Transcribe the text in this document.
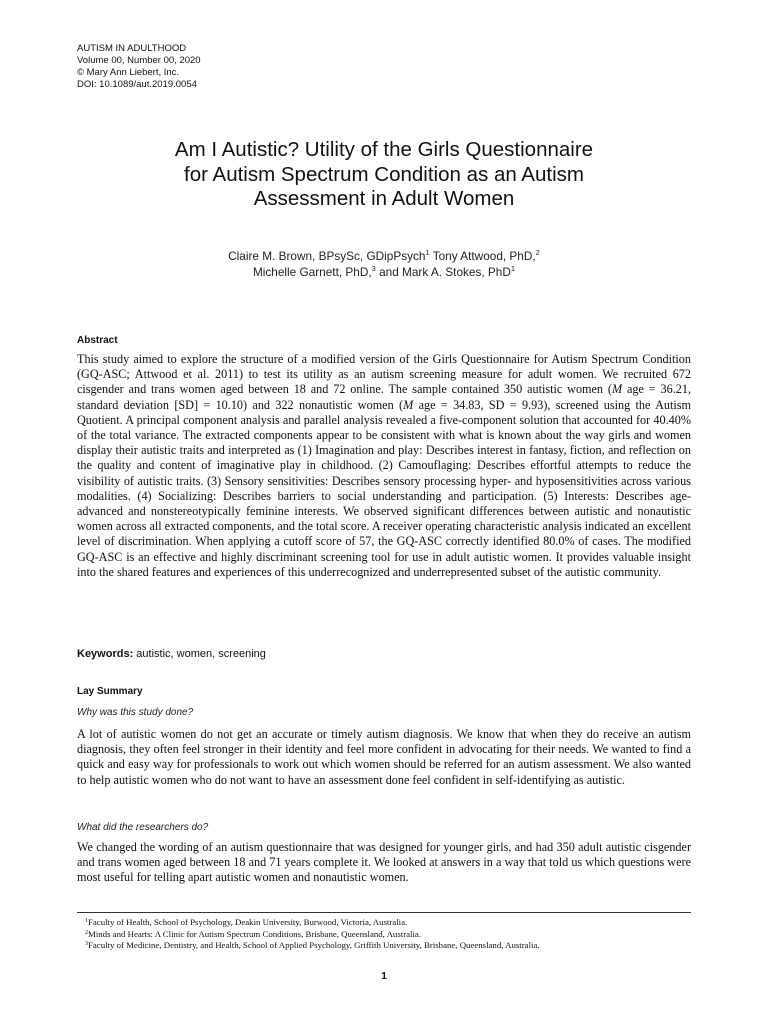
AUTISM IN ADULTHOOD
Volume 00, Number 00, 2020
© Mary Ann Liebert, Inc.
DOI: 10.1089/aut.2019.0054
Am I Autistic? Utility of the Girls Questionnaire
for Autism Spectrum Condition as an Autism
Assessment in Adult Women
Claire M. Brown, BPsySc, GDipPsych$^1$ Tony Attwood, PhD,$^2$
Michelle Garnett, PhD,$^3$ and Mark A. Stokes, PhD$^1$
Abstract

This study aimed to explore the structure of a modified version of the Girls Questionnaire for Autism Spectrum Condition (GQ-ASC; Attwood et al. 2011) to test its utility as an autism screening measure for adult women. We recruited 672 cisgender and trans women aged between 18 and 72 online. The sample contained 350 autistic women (M age = 36.21, standard deviation [SD] = 10.10) and 322 nonautistic women (M age = 34.83, SD = 9.93), screened using the Autism Quotient. A principal component analysis and parallel analysis revealed a five-component solution that accounted for 40.40% of the total variance. The extracted components appear to be consistent with what is known about the way girls and women display their autistic traits and interpreted as (1) Imagination and play: Describes interest in fantasy, fiction, and reflection on the quality and content of imaginative play in childhood. (2) Camouflaging: Describes effortful attempts to reduce the visibility of autistic traits. (3) Sensory sensitivities: Describes sensory processing hyper- and hyposensitivities across various modalities. (4) Socializing: Describes barriers to social understanding and participation. (5) Interests: Describes age-advanced and nonstereotypically feminine interests. We observed significant differences between autistic and nonautistic women across all extracted components, and the total score. A receiver operating characteristic analysis indicated an excellent level of discrimination. When applying a cutoff score of 57, the GQ-ASC correctly identified 80.0% of cases. The modified GQ-ASC is an effective and highly discriminant screening tool for use in adult autistic women. It provides valuable insight into the shared features and experiences of this underrecognized and underrepresented subset of the autistic community.

Keywords: autistic, women, screening
Lay Summary
Why was this study done?

A lot of autistic women do not get an accurate or timely autism diagnosis. We know that when they do receive an autism diagnosis, they often feel stronger in their identity and feel more confident in advocating for their needs. We wanted to find a quick and easy way for professionals to work out which women should be referred for an autism assessment. We also wanted to help autistic women who do not want to have an assessment done feel confident in self-identifying as autistic.

What did the researchers do?

We changed the wording of an autism questionnaire that was designed for younger girls, and had 350 adult autistic cisgender and trans women aged between 18 and 71 years complete it. We looked at answers in a way that told us which questions were most useful for telling apart autistic women and nonautistic women.

$^1$Faculty of Health, School of Psychology, Deakin University, Burwood, Victoria, Australia.
$^2$Minds and Hearts: A Clinic for Autism Spectrum Conditions, Brisbane, Queensland, Australia.
$^3$Faculty of Medicine, Dentistry, and Health, School of Applied Psychology, Griffith University, Brisbane, Queensland, Australia.
1
